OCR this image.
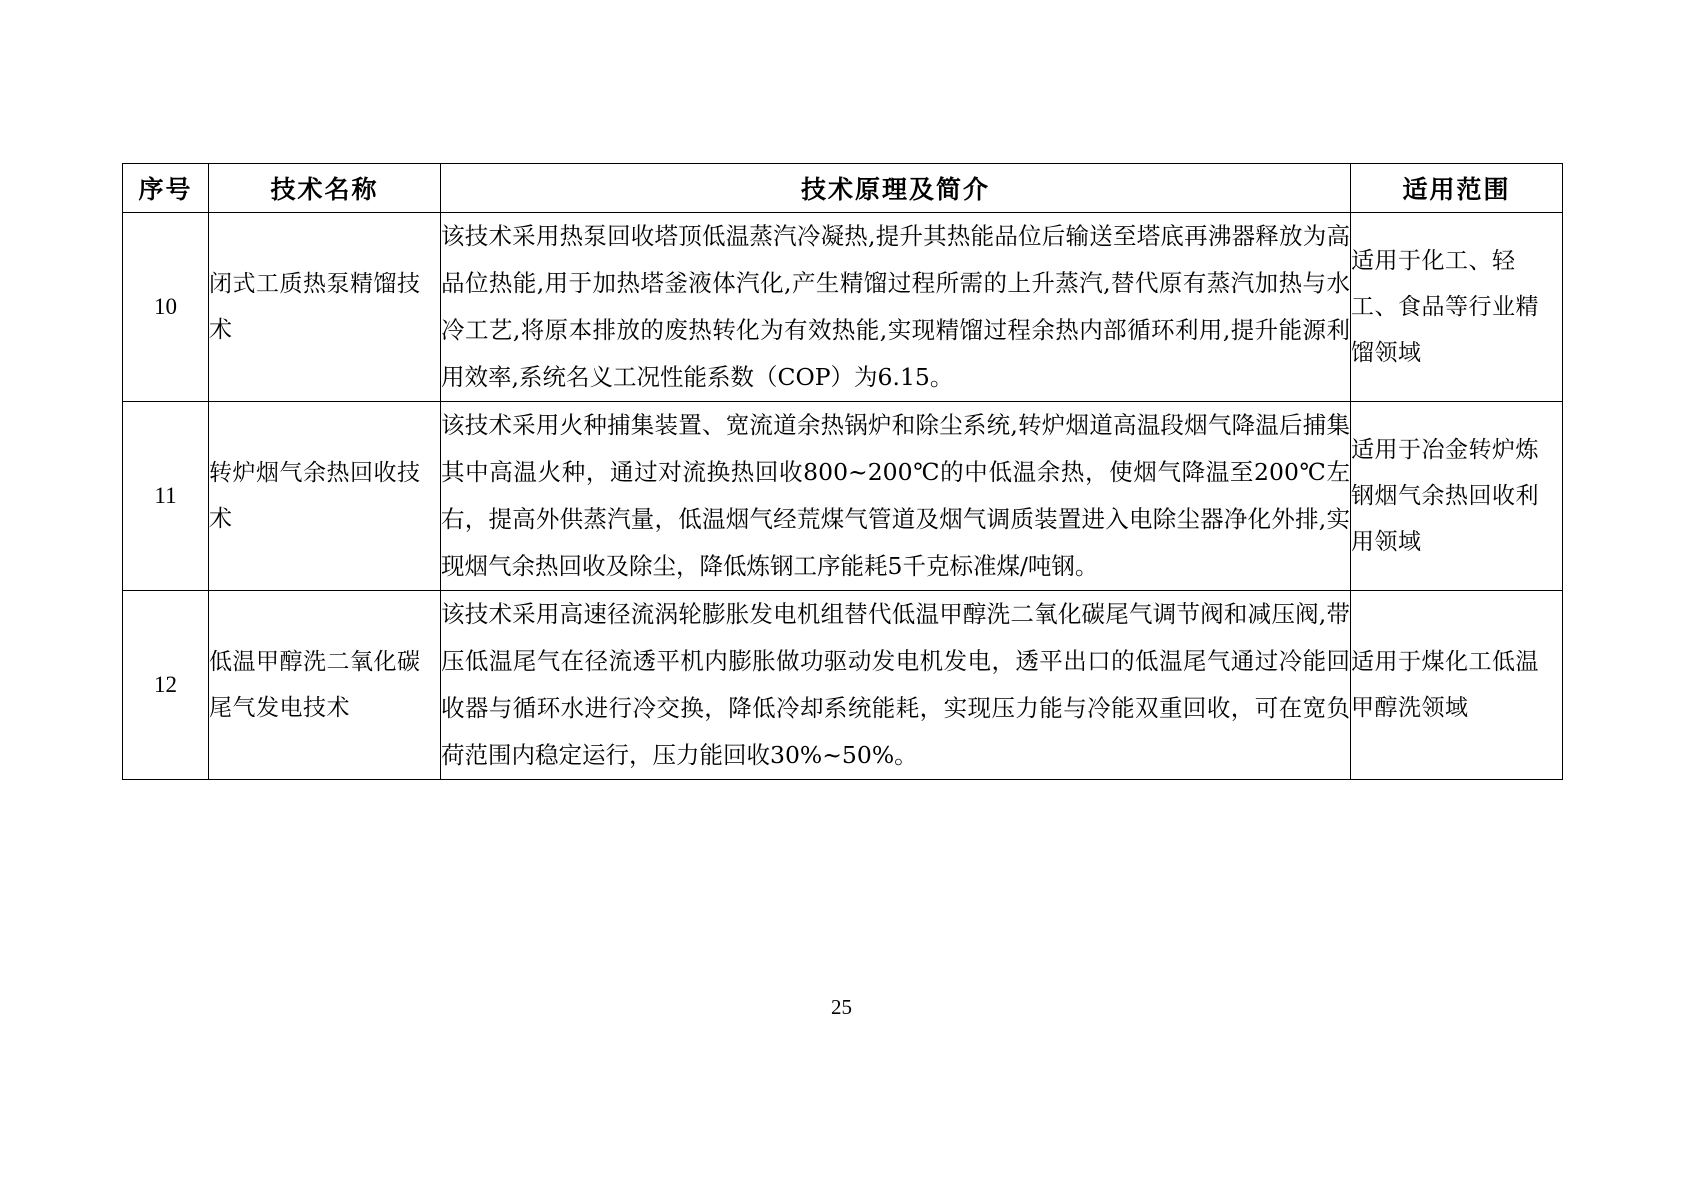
序号	技术名称	技术原理及简介	适用范围
10	闭式工质热泵精馏技术	该技术采用热泵回收塔顶低温蒸汽冷凝热,提升其热能品位后输送至塔底再沸器释放为高品位热能,用于加热塔釜液体汽化,产生精馏过程所需的上升蒸汽,替代原有蒸汽加热与水冷工艺,将原本排放的废热转化为有效热能,实现精馏过程余热内部循环利用,提升能源利用效率,系统名义工况性能系数（COP）为6.15。	适用于化工、轻工、食品等行业精馏领域
11	转炉烟气余热回收技术	该技术采用火种捕集装置、宽流道余热锅炉和除尘系统,转炉烟道高温段烟气降温后捕集其中高温火种，通过对流换热回收800~200℃的中低温余热，使烟气降温至200℃左右，提高外供蒸汽量，低温烟气经荒煤气管道及烟气调质装置进入电除尘器净化外排,实现烟气余热回收及除尘，降低炼钢工序能耗5千克标准煤/吨钢。	适用于冶金转炉炼钢烟气余热回收利用领域
12	低温甲醇洗二氧化碳尾气发电技术	该技术采用高速径流涡轮膨胀发电机组替代低温甲醇洗二氧化碳尾气调节阀和减压阀,带压低温尾气在径流透平机内膨胀做功驱动发电机发电，透平出口的低温尾气通过冷能回收器与循环水进行冷交换，降低冷却系统能耗，实现压力能与冷能双重回收，可在宽负荷范围内稳定运行，压力能回收30%~50%。	适用于煤化工低温甲醇洗领域
25
